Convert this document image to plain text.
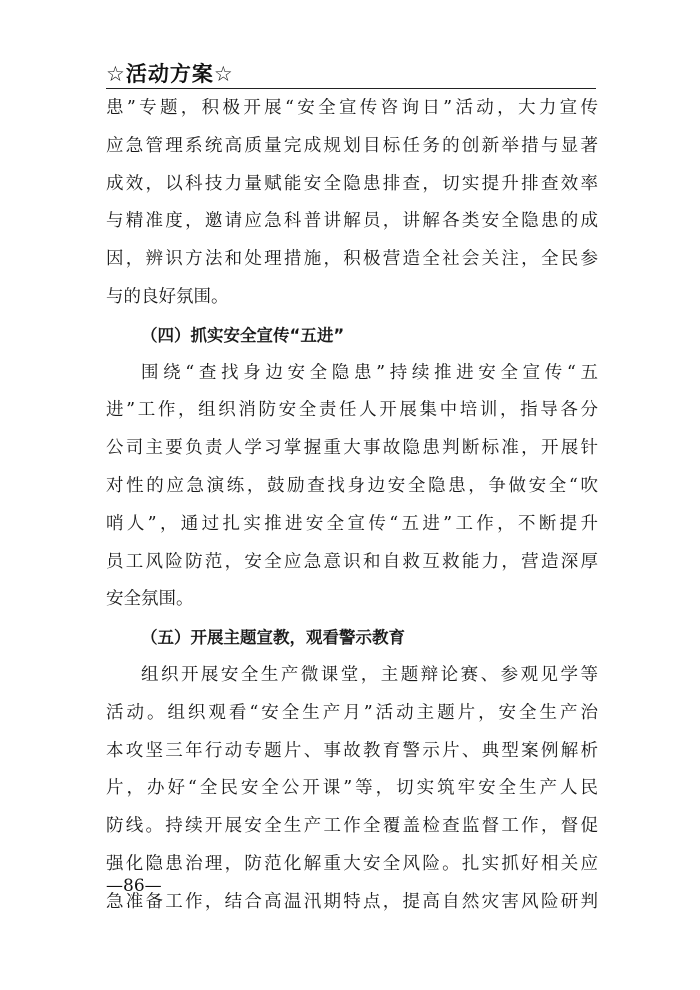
☆活动方案☆
患”专题，积极开展“安全宣传咨询日”活动，大力宣传
应急管理系统高质量完成规划目标任务的创新举措与显著
成效，以科技力量赋能安全隐患排查，切实提升排查效率
与精准度，邀请应急科普讲解员，讲解各类安全隐患的成
因，辨识方法和处理措施，积极营造全社会关注，全民参
与的良好氛围。
（四）抓实安全宣传“五进”
围绕“查找身边安全隐患”持续推进安全宣传“五
进”工作，组织消防安全责任人开展集中培训，指导各分
公司主要负责人学习掌握重大事故隐患判断标准，开展针
对性的应急演练，鼓励查找身边安全隐患，争做安全“吹
哨人”，通过扎实推进安全宣传“五进”工作，不断提升
员工风险防范，安全应急意识和自救互救能力，营造深厚
安全氛围。
（五）开展主题宣教，观看警示教育
组织开展安全生产微课堂，主题辩论赛、参观见学等
活动。组织观看“安全生产月”活动主题片，安全生产治
本攻坚三年行动专题片、事故教育警示片、典型案例解析
片，办好“全民安全公开课”等，切实筑牢安全生产人民
防线。持续开展安全生产工作全覆盖检查监督工作，督促
强化隐患治理，防范化解重大安全风险。扎实抓好相关应
急准备工作，结合高温汛期特点，提高自然灾害风险研判
—86—
